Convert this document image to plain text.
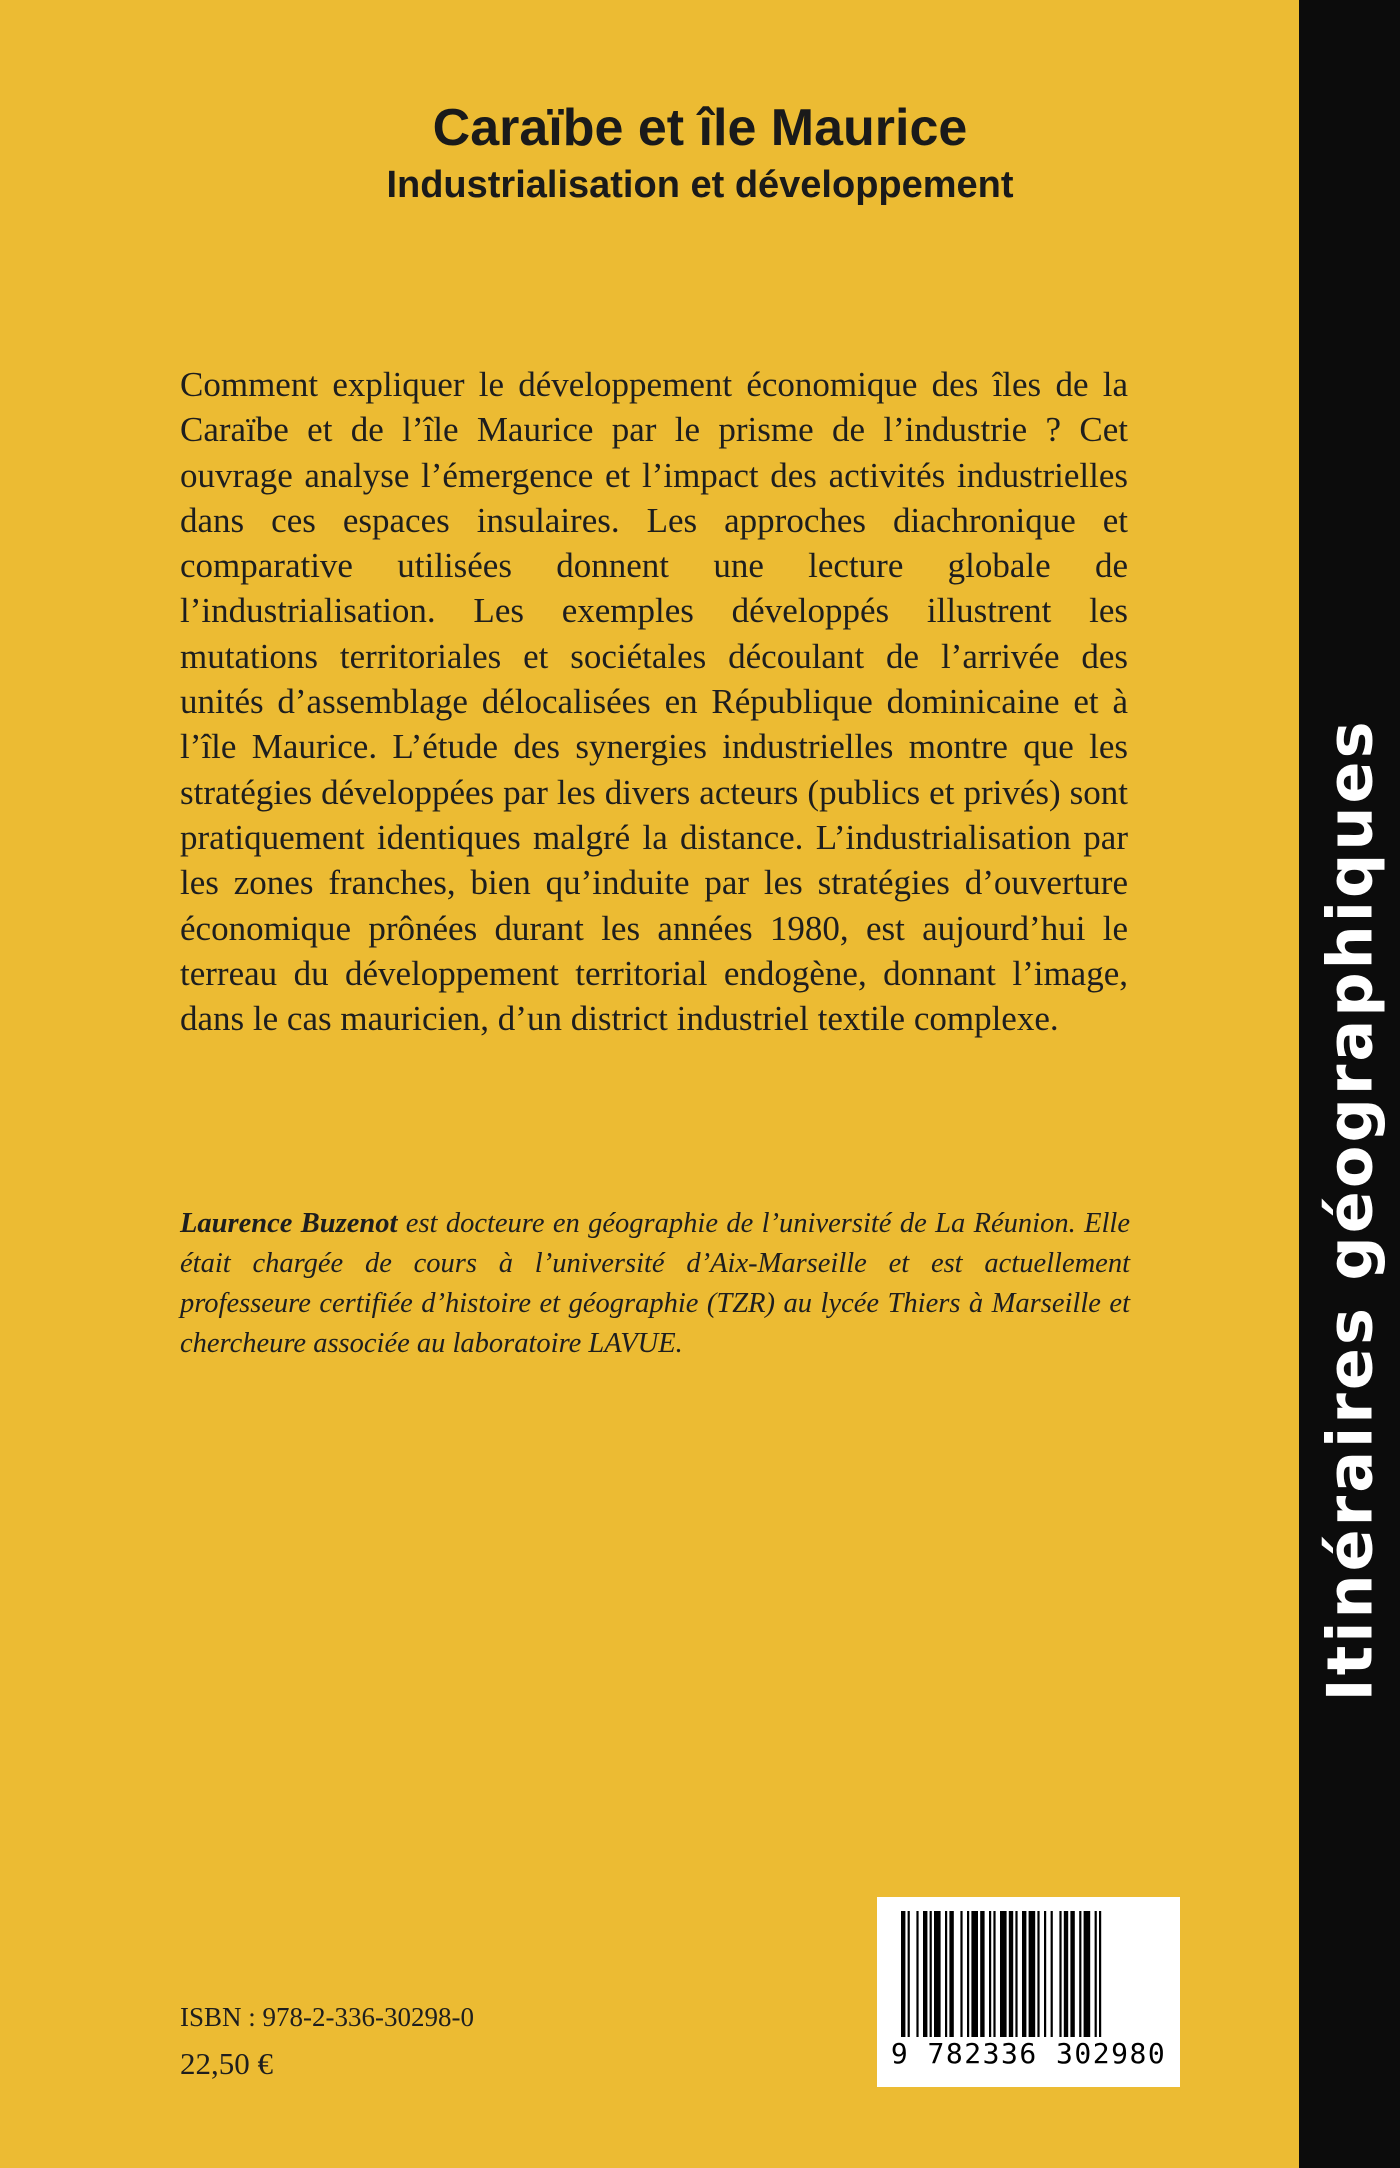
Caraïbe et île Maurice
Industrialisation et développement

Comment expliquer le développement économique des îles de la Caraïbe et de l’île Maurice par le prisme de l’industrie ? Cet ouvrage analyse l’émergence et l’impact des activités industrielles dans ces espaces insulaires. Les approches diachronique et comparative utilisées donnent une lecture globale de l’industrialisation. Les exemples développés illustrent les mutations territoriales et sociétales découlant de l’arrivée des unités d’assemblage délocalisées en République dominicaine et à l’île Maurice. L’étude des synergies industrielles montre que les stratégies développées par les divers acteurs (publics et privés) sont pratiquement identiques malgré la distance. L’industrialisation par les zones franches, bien qu’induite par les stratégies d’ouverture économique prônées durant les années 1980, est aujourd’hui le terreau du développement territorial endogène, donnant l’image, dans le cas mauricien, d’un district industriel textile complexe.

Laurence Buzenot est docteure en géographie de l’université de La Réunion. Elle était chargée de cours à l’université d’Aix-Marseille et est actuellement professeure certifiée d’histoire et géographie (TZR) au lycée Thiers à Marseille et chercheure associée au laboratoire LAVUE.

9 782336 302980

ISBN : 978-2-336-30298-0

22,50 €

Itinéraires géographiques
